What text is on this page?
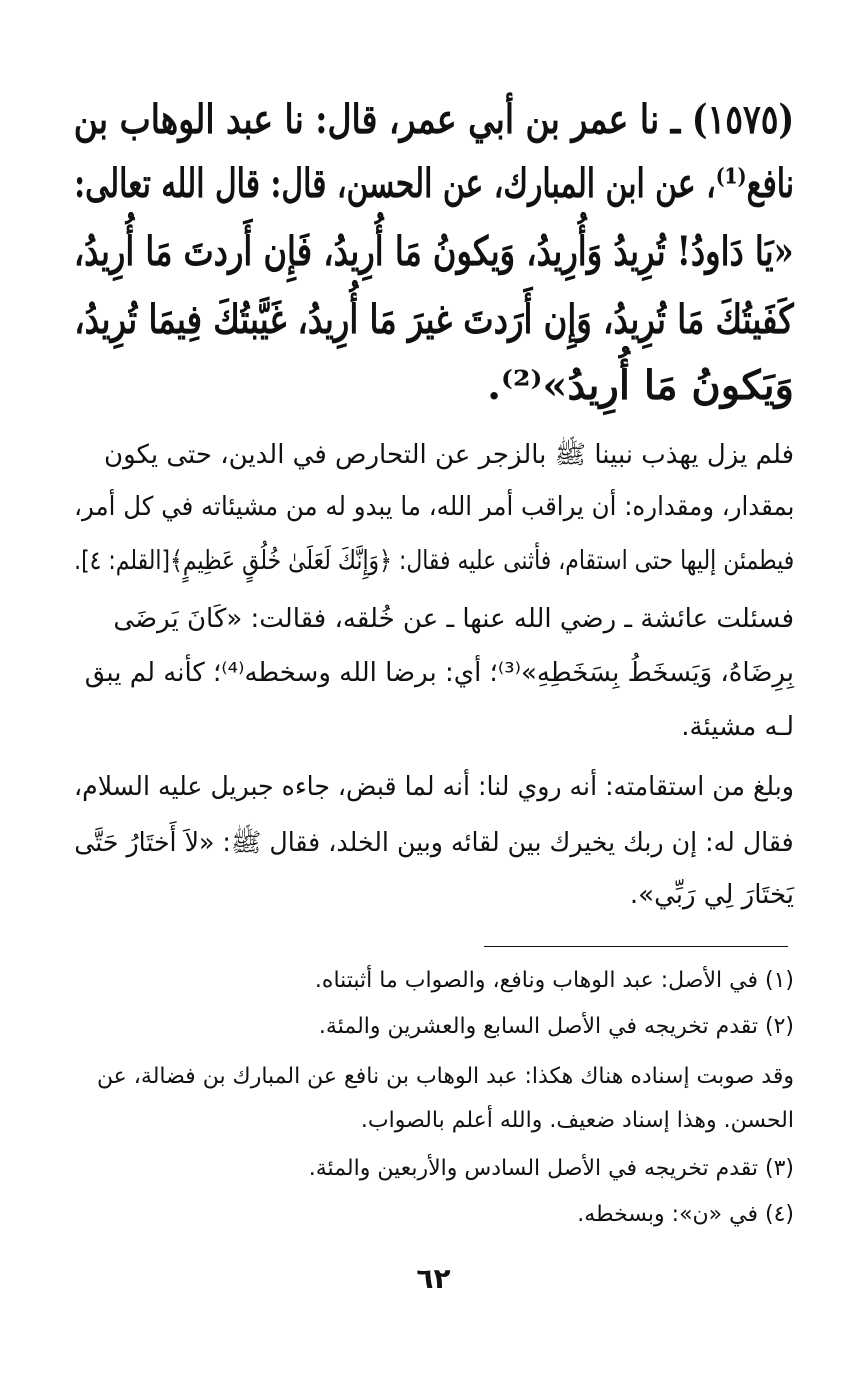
(١٥٧٥) ـ نا عمر بن أبي عمر، قال: نا عبد الوهاب بن
نافع⁽¹⁾، عن ابن المبارك، عن الحسن، قال: قال الله تعالى:
«يَا دَاودُ! تُرِيدُ وَأُرِيدُ، وَيكونُ مَا أُرِيدُ، فَإِن أَردتَ مَا أُرِيدُ،
كَفَيتُكَ مَا تُرِيدُ، وَإِن أَرَدتَ غيرَ مَا أُرِيدُ، غَيَّبتُكَ فِيمَا تُرِيدُ،
وَيَكونُ مَا أُرِيدُ»⁽²⁾.
فلم يزل يهذب نبينا ﷺ بالزجر عن التحارص في الدين، حتى يكون
بمقدار، ومقداره: أن يراقب أمر الله، ما يبدو له من مشيئاته في كل أمر،
فيطمئن إليها حتى استقام، فأثنى عليه فقال: ﴿وَإِنَّكَ لَعَلَىٰ خُلُقٍ عَظِيمٍ﴾[القلم: ٤].
فسئلت عائشة ـ رضي الله عنها ـ عن خُلقه، فقالت: «كَانَ يَرضَى
بِرِضَاهُ، وَيَسخَطُ بِسَخَطِهِ»⁽³⁾؛ أي: برضا الله وسخطه⁽⁴⁾؛ كأنه لم يبق
لـه مشيئة.
وبلغ من استقامته: أنه روي لنا: أنه لما قبض، جاءه جبريل عليه السلام،
فقال له: إن ربك يخيرك بين لقائه وبين الخلد، فقال ﷺ: «لاَ أَختَارُ حَتَّى
يَختَارَ لِي رَبِّي».
(١) في الأصل: عبد الوهاب ونافع، والصواب ما أثبتناه.
(٢) تقدم تخريجه في الأصل السابع والعشرين والمئة.
وقد صوبت إسناده هناك هكذا: عبد الوهاب بن نافع عن المبارك بن فضالة، عن
الحسن. وهذا إسناد ضعيف. والله أعلم بالصواب.
(٣) تقدم تخريجه في الأصل السادس والأربعين والمئة.
(٤) في «ن»: وبسخطه.
٦٢
